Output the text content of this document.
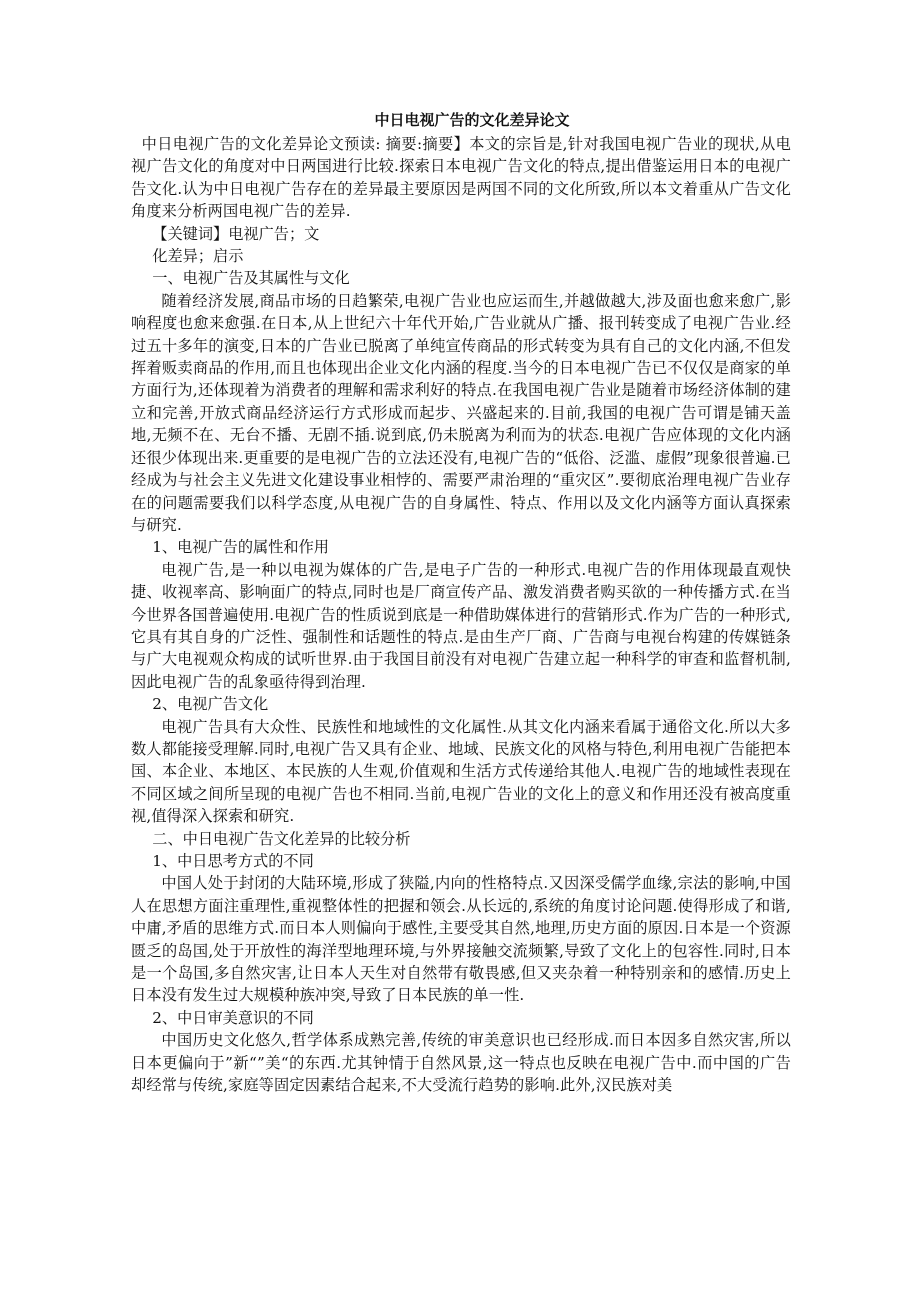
中日电视广告的文化差异论文

中日电视广告的文化差异论文预读: 摘要:摘要】本文的宗旨是,针对我国电视广告业的现状,从电视广告文化的角度对中日两国进行比较.探索日本电视广告文化的特点,提出借鉴运用日本的电视广告文化.认为中日电视广告存在的差异最主要原因是两国不同的文化所致,所以本文着重从广告文化角度来分析两国电视广告的差异.

【关键词】电视广告；文

化差异；启示

一、电视广告及其属性与文化

随着经济发展,商品市场的日趋繁荣,电视广告业也应运而生,并越做越大,涉及面也愈来愈广,影响程度也愈来愈强.在日本,从上世纪六十年代开始,广告业就从广播、报刊转变成了电视广告业.经过五十多年的演变,日本的广告业已脱离了单纯宣传商品的形式转变为具有自己的文化内涵,不但发挥着贩卖商品的作用,而且也体现出企业文化内涵的程度.当今的日本电视广告已不仅仅是商家的单方面行为,还体现着为消费者的理解和需求利好的特点.在我国电视广告业是随着市场经济体制的建立和完善,开放式商品经济运行方式形成而起步、兴盛起来的.目前,我国的电视广告可谓是铺天盖地,无频不在、无台不播、无剧不插.说到底,仍未脱离为利而为的状态.电视广告应体现的文化内涵还很少体现出来.更重要的是电视广告的立法还没有,电视广告的“低俗、泛滥、虚假”现象很普遍.已经成为与社会主义先进文化建设事业相悖的、需要严肃治理的“重灾区”.要彻底治理电视广告业存在的问题需要我们以科学态度,从电视广告的自身属性、特点、作用以及文化内涵等方面认真探索与研究.

1、电视广告的属性和作用

电视广告,是一种以电视为媒体的广告,是电子广告的一种形式.电视广告的作用体现最直观快捷、收视率高、影响面广的特点,同时也是厂商宣传产品、激发消费者购买欲的一种传播方式.在当今世界各国普遍使用.电视广告的性质说到底是一种借助媒体进行的营销形式.作为广告的一种形式,它具有其自身的广泛性、强制性和话题性的特点.是由生产厂商、广告商与电视台构建的传媒链条与广大电视观众构成的试听世界.由于我国目前没有对电视广告建立起一种科学的审查和监督机制,因此电视广告的乱象亟待得到治理.

2、电视广告文化

电视广告具有大众性、民族性和地域性的文化属性.从其文化内涵来看属于通俗文化.所以大多数人都能接受理解.同时,电视广告又具有企业、地域、民族文化的风格与特色,利用电视广告能把本国、本企业、本地区、本民族的人生观,价值观和生活方式传递给其他人.电视广告的地域性表现在不同区域之间所呈现的电视广告也不相同.当前,电视广告业的文化上的意义和作用还没有被高度重视,值得深入探索和研究.

二、中日电视广告文化差异的比较分析

1、中日思考方式的不同

中国人处于封闭的大陆环境,形成了狭隘,内向的性格特点.又因深受儒学血缘,宗法的影响,中国人在思想方面注重理性,重视整体性的把握和领会.从长远的,系统的角度讨论问题.使得形成了和谐,中庸,矛盾的思维方式.而日本人则偏向于感性,主要受其自然,地理,历史方面的原因.日本是一个资源匮乏的岛国,处于开放性的海洋型地理环境,与外界接触交流频繁,导致了文化上的包容性.同时,日本是一个岛国,多自然灾害,让日本人天生对自然带有敬畏感,但又夹杂着一种特别亲和的感情.历史上日本没有发生过大规模种族冲突,导致了日本民族的单一性.

2、中日审美意识的不同

中国历史文化悠久,哲学体系成熟完善,传统的审美意识也已经形成.而日本因多自然灾害,所以日本更偏向于”新“”美“的东西.尤其钟情于自然风景,这一特点也反映在电视广告中.而中国的广告却经常与传统,家庭等固定因素结合起来,不大受流行趋势的影响.此外,汉民族对美
